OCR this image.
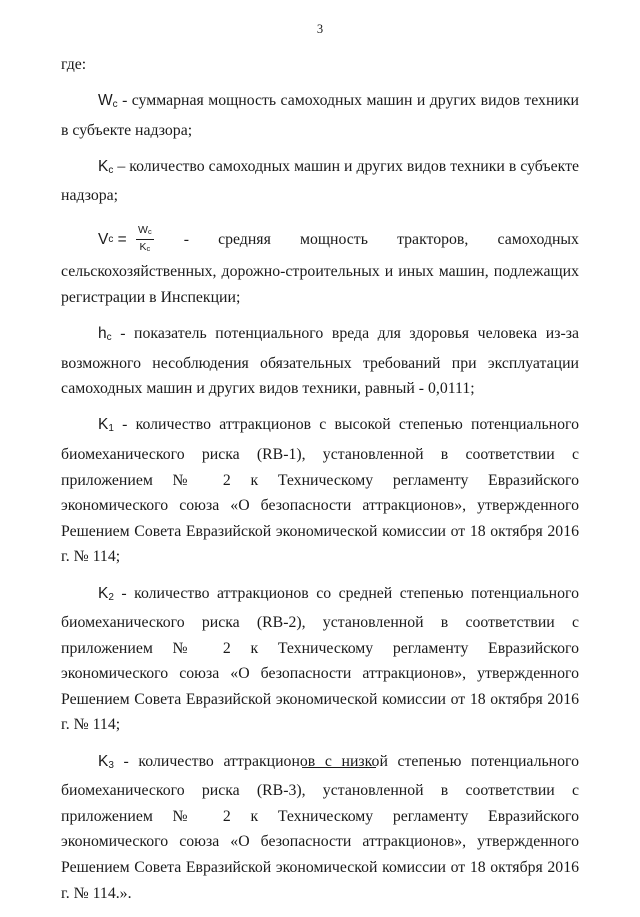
3

где:

$W_c$ - суммарная мощность самоходных машин и других видов техники в субъекте надзора;

$K_c$ – количество самоходных машин и других видов техники в субъекте надзора;

V $c = \frac{W_c}{K_c}$ - средняя мощность тракторов, самоходных

сельскохозяйственных, дорожно-строительных и иных машин, подлежащих регистрации в Инспекции;

$h_c$ - показатель потенциального вреда для здоровья человека из-за возможного несоблюдения обязательных требований при эксплуатации самоходных машин и других видов техники, равный - 0,0111;

$K_1$ - количество аттракционов с высокой степенью потенциального биомеханического риска (RB-1), установленной в соответствии с приложением № 2 к Техническому регламенту Евразийского экономического союза «О безопасности аттракционов», утвержденного Решением Совета Евразийской экономической комиссии от 18 октября 2016 г. № 114;

$K_2$ - количество аттракционов со средней степенью потенциального биомеханического риска (RB-2), установленной в соответствии с приложением № 2 к Техническому регламенту Евразийского экономического союза «О безопасности аттракционов», утвержденного Решением Совета Евразийской экономической комиссии от 18 октября 2016 г. № 114;

$K_3$ - количество аттракционов с низкой степенью потенциального биомеханического риска (RB-3), установленной в соответствии с приложением № 2 к Техническому регламенту Евразийского экономического союза «О безопасности аттракционов», утвержденного Решением Совета Евразийской экономической комиссии от 18 октября 2016 г. № 114.».
